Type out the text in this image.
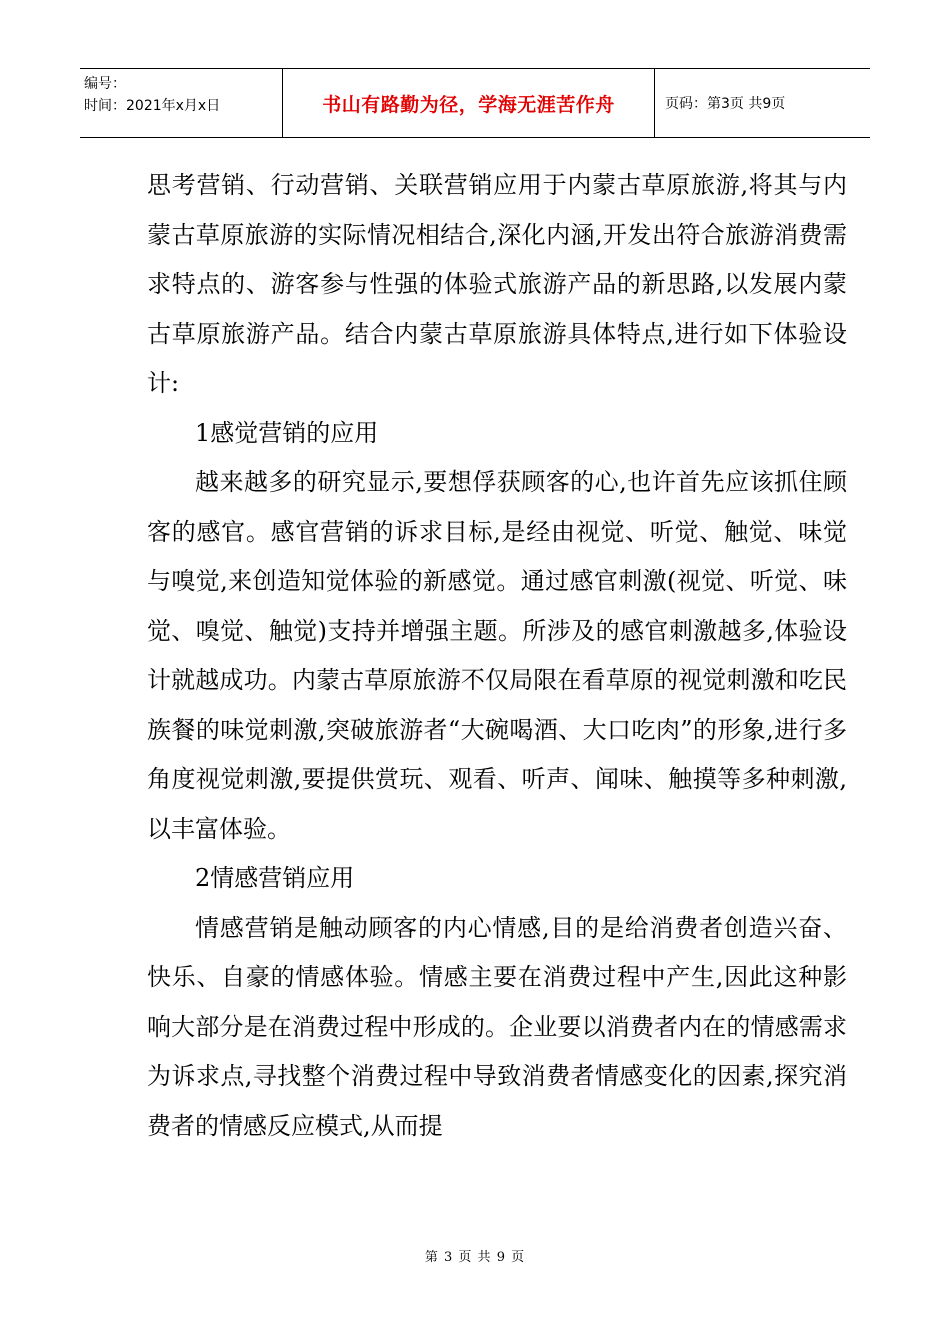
编号：
时间：2021年x月x日	书山有路勤为径，学海无涯苦作舟	页码：第3页 共9页

思考营销、行动营销、关联营销应用于内蒙古草原旅游,将其与内蒙古草原旅游的实际情况相结合,深化内涵,开发出符合旅游消费需求特点的、游客参与性强的体验式旅游产品的新思路,以发展内蒙古草原旅游产品。结合内蒙古草原旅游具体特点,进行如下体验设计:

1感觉营销的应用

越来越多的研究显示,要想俘获顾客的心,也许首先应该抓住顾客的感官。感官营销的诉求目标,是经由视觉、听觉、触觉、味觉与嗅觉,来创造知觉体验的新感觉。通过感官刺激(视觉、听觉、味觉、嗅觉、触觉)支持并增强主题。所涉及的感官刺激越多,体验设计就越成功。内蒙古草原旅游不仅局限在看草原的视觉刺激和吃民族餐的味觉刺激,突破旅游者“大碗喝酒、大口吃肉”的形象,进行多角度视觉刺激,要提供赏玩、观看、听声、闻味、触摸等多种刺激,以丰富体验。

2情感营销应用

情感营销是触动顾客的内心情感,目的是给消费者创造兴奋、快乐、自豪的情感体验。情感主要在消费过程中产生,因此这种影响大部分是在消费过程中形成的。企业要以消费者内在的情感需求为诉求点,寻找整个消费过程中导致消费者情感变化的因素,探究消费者的情感反应模式,从而提

第 3 页 共 9 页
